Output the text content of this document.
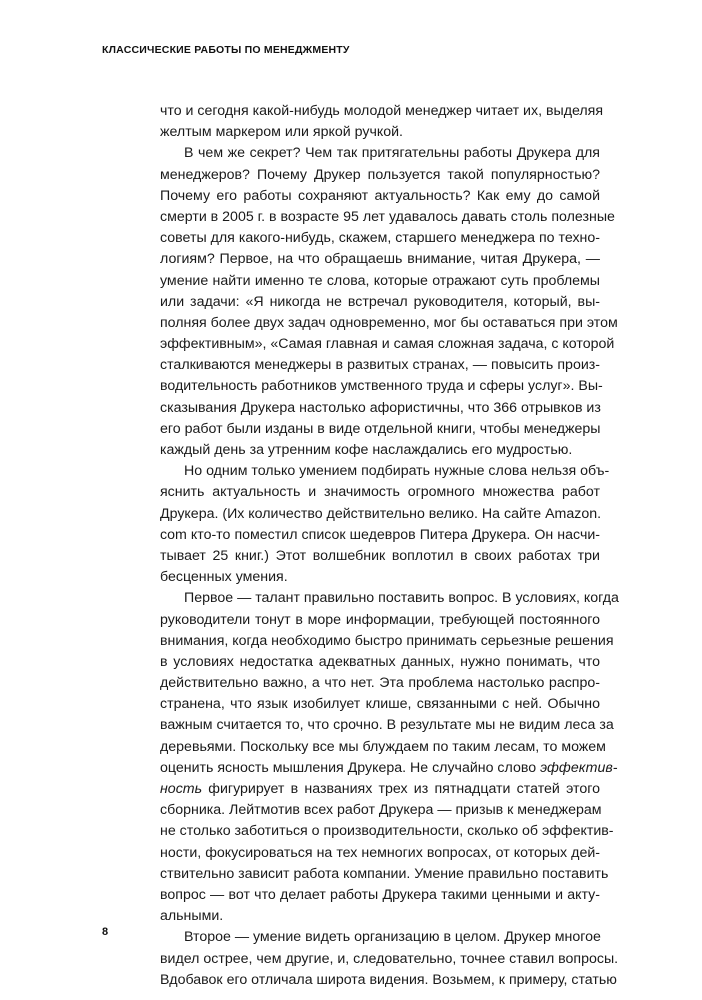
КЛАССИЧЕСКИЕ РАБОТЫ ПО МЕНЕДЖМЕНТУ
что и сегодня какой-нибудь молодой менеджер читает их, выделяя
желтым маркером или яркой ручкой.
В чем же секрет? Чем так притягательны работы Друкера для
менеджеров? Почему Друкер пользуется такой популярностью?
Почему его работы сохраняют актуальность? Как ему до самой
смерти в 2005 г. в возрасте 95 лет удавалось давать столь полезные
советы для какого-нибудь, скажем, старшего менеджера по техно-
логиям? Первое, на что обращаешь внимание, читая Друкера, —
умение найти именно те слова, которые отражают суть проблемы
или задачи: «Я никогда не встречал руководителя, который, вы-
полняя более двух задач одновременно, мог бы оставаться при этом
эффективным», «Самая главная и самая сложная задача, с которой
сталкиваются менеджеры в развитых странах, — повысить произ-
водительность работников умственного труда и сферы услуг». Вы-
сказывания Друкера настолько афористичны, что 366 отрывков из
его работ были изданы в виде отдельной книги, чтобы менеджеры
каждый день за утренним кофе наслаждались его мудростью.
Но одним только умением подбирать нужные слова нельзя объ-
яснить актуальность и значимость огромного множества работ
Друкера. (Их количество действительно велико. На сайте Amazon.
com кто-то поместил список шедевров Питера Друкера. Он насчи-
тывает 25 книг.) Этот волшебник воплотил в своих работах три
бесценных умения.
Первое — талант правильно поставить вопрос. В условиях, когда
руководители тонут в море информации, требующей постоянного
внимания, когда необходимо быстро принимать серьезные решения
в условиях недостатка адекватных данных, нужно понимать, что
действительно важно, а что нет. Эта проблема настолько распро-
странена, что язык изобилует клише, связанными с ней. Обычно
важным считается то, что срочно. В результате мы не видим леса за
деревьями. Поскольку все мы блуждаем по таким лесам, то можем
оценить ясность мышления Друкера. Не случайно слово эффектив-
ность фигурирует в названиях трех из пятнадцати статей этого
сборника. Лейтмотив всех работ Друкера — призыв к менеджерам
не столько заботиться о производительности, сколько об эффектив-
ности, фокусироваться на тех немногих вопросах, от которых дей-
ствительно зависит работа компании. Умение правильно поставить
вопрос — вот что делает работы Друкера такими ценными и акту-
альными.
Второе — умение видеть организацию в целом. Друкер многое
видел острее, чем другие, и, следовательно, точнее ставил вопросы.
Вдобавок его отличала широта видения. Возьмем, к примеру, статью
8
